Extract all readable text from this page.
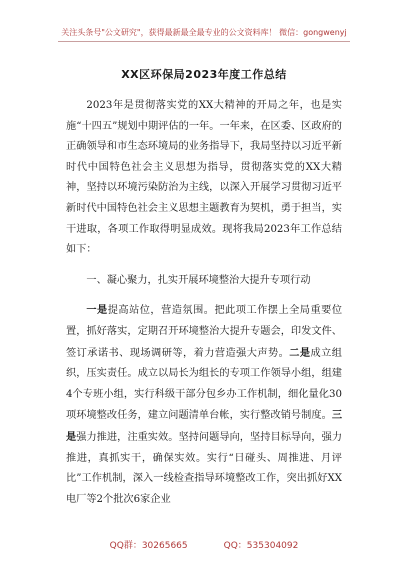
关注头条号"公文研究"，获得最新最全最专业的公文资料库！ 微信：gongwenyj
XX区环保局2023年度工作总结

2023年是贯彻落实党的XX大精神的开局之年，也是实施“十四五”规划中期评估的一年。一年来，在区委、区政府的正确领导和市生态环境局的业务指导下，我局坚持以习近平新时代中国特色社会主义思想为指导，贯彻落实党的XX大精神，坚持以环境污染防治为主线，以深入开展学习贯彻习近平新时代中国特色社会主义思想主题教育为契机，勇于担当，实干进取，各项工作取得明显成效。现将我局2023年工作总结如下：

一、凝心聚力，扎实开展环境整治大提升专项行动

一是提高站位，营造氛围。把此项工作摆上全局重要位置，抓好落实，定期召开环境整治大提升专题会，印发文件、签订承诺书、现场调研等，着力营造强大声势。二是成立组织，压实责任。成立以局长为组长的专项工作领导小组，组建4个专班小组，实行科级干部分包乡办工作机制，细化量化30项环境整改任务，建立问题清单台帐，实行整改销号制度。三是强力推进，注重实效。坚持问题导向，坚持目标导向，强力推进，真抓实干，确保实效。实行“日碰头、周推进、月评比”工作机制，深入一线检查指导环境整改工作，突出抓好XX电厂等2个批次6家企业

QQ群：30265665	QQ：535304092
